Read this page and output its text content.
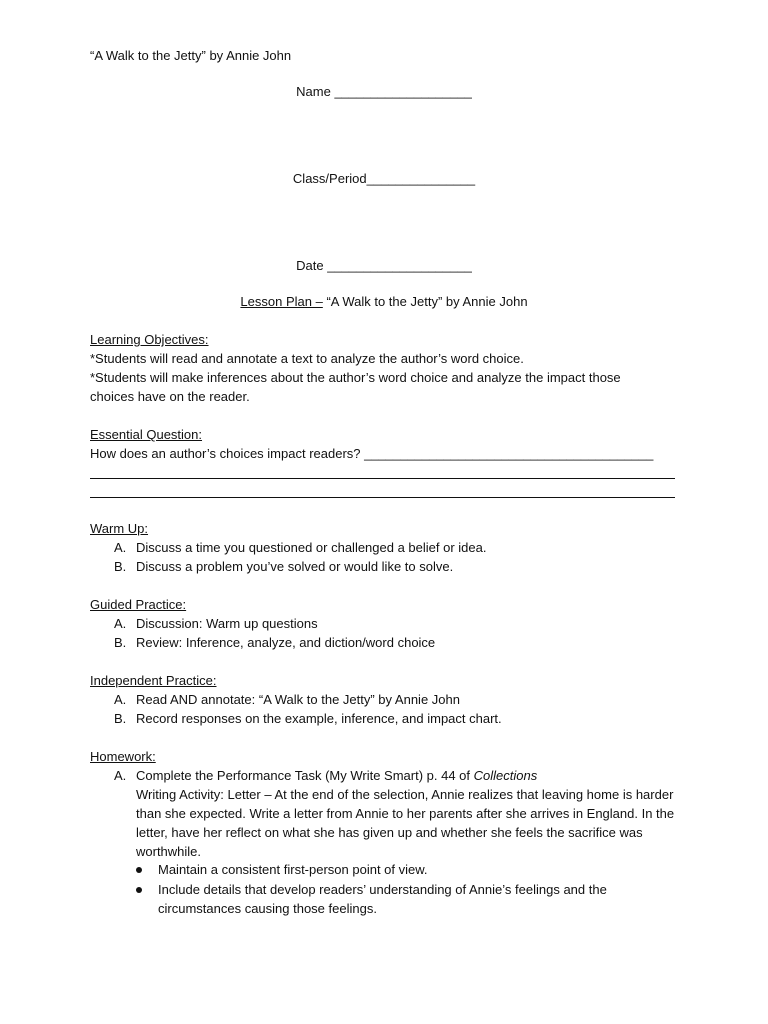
“A Walk to the Jetty” by Annie John
Name ___________________
Class/Period_______________
Date ____________________
Lesson Plan – “A Walk to the Jetty” by Annie John
Learning Objectives:
*Students will read and annotate a text to analyze the author’s word choice.
*Students will make inferences about the author’s word choice and analyze the impact those
choices have on the reader.
Essential Question:
How does an author’s choices impact readers? ________________________________________
Warm Up:
A. Discuss a time you questioned or challenged a belief or idea.
B. Discuss a problem you’ve solved or would like to solve.
Guided Practice:
A. Discussion: Warm up questions
B. Review: Inference, analyze, and diction/word choice
Independent Practice:
A. Read AND annotate: “A Walk to the Jetty” by Annie John
B. Record responses on the example, inference, and impact chart.
Homework:
A. Complete the Performance Task (My Write Smart) p. 44 of Collections
Writing Activity: Letter – At the end of the selection, Annie realizes that leaving home is harder than she expected. Write a letter from Annie to her parents after she arrives in England. In the letter, have her reflect on what she has given up and whether she feels the sacrifice was worthwhile.
Maintain a consistent first-person point of view.
Include details that develop readers’ understanding of Annie’s feelings and the circumstances causing those feelings.
